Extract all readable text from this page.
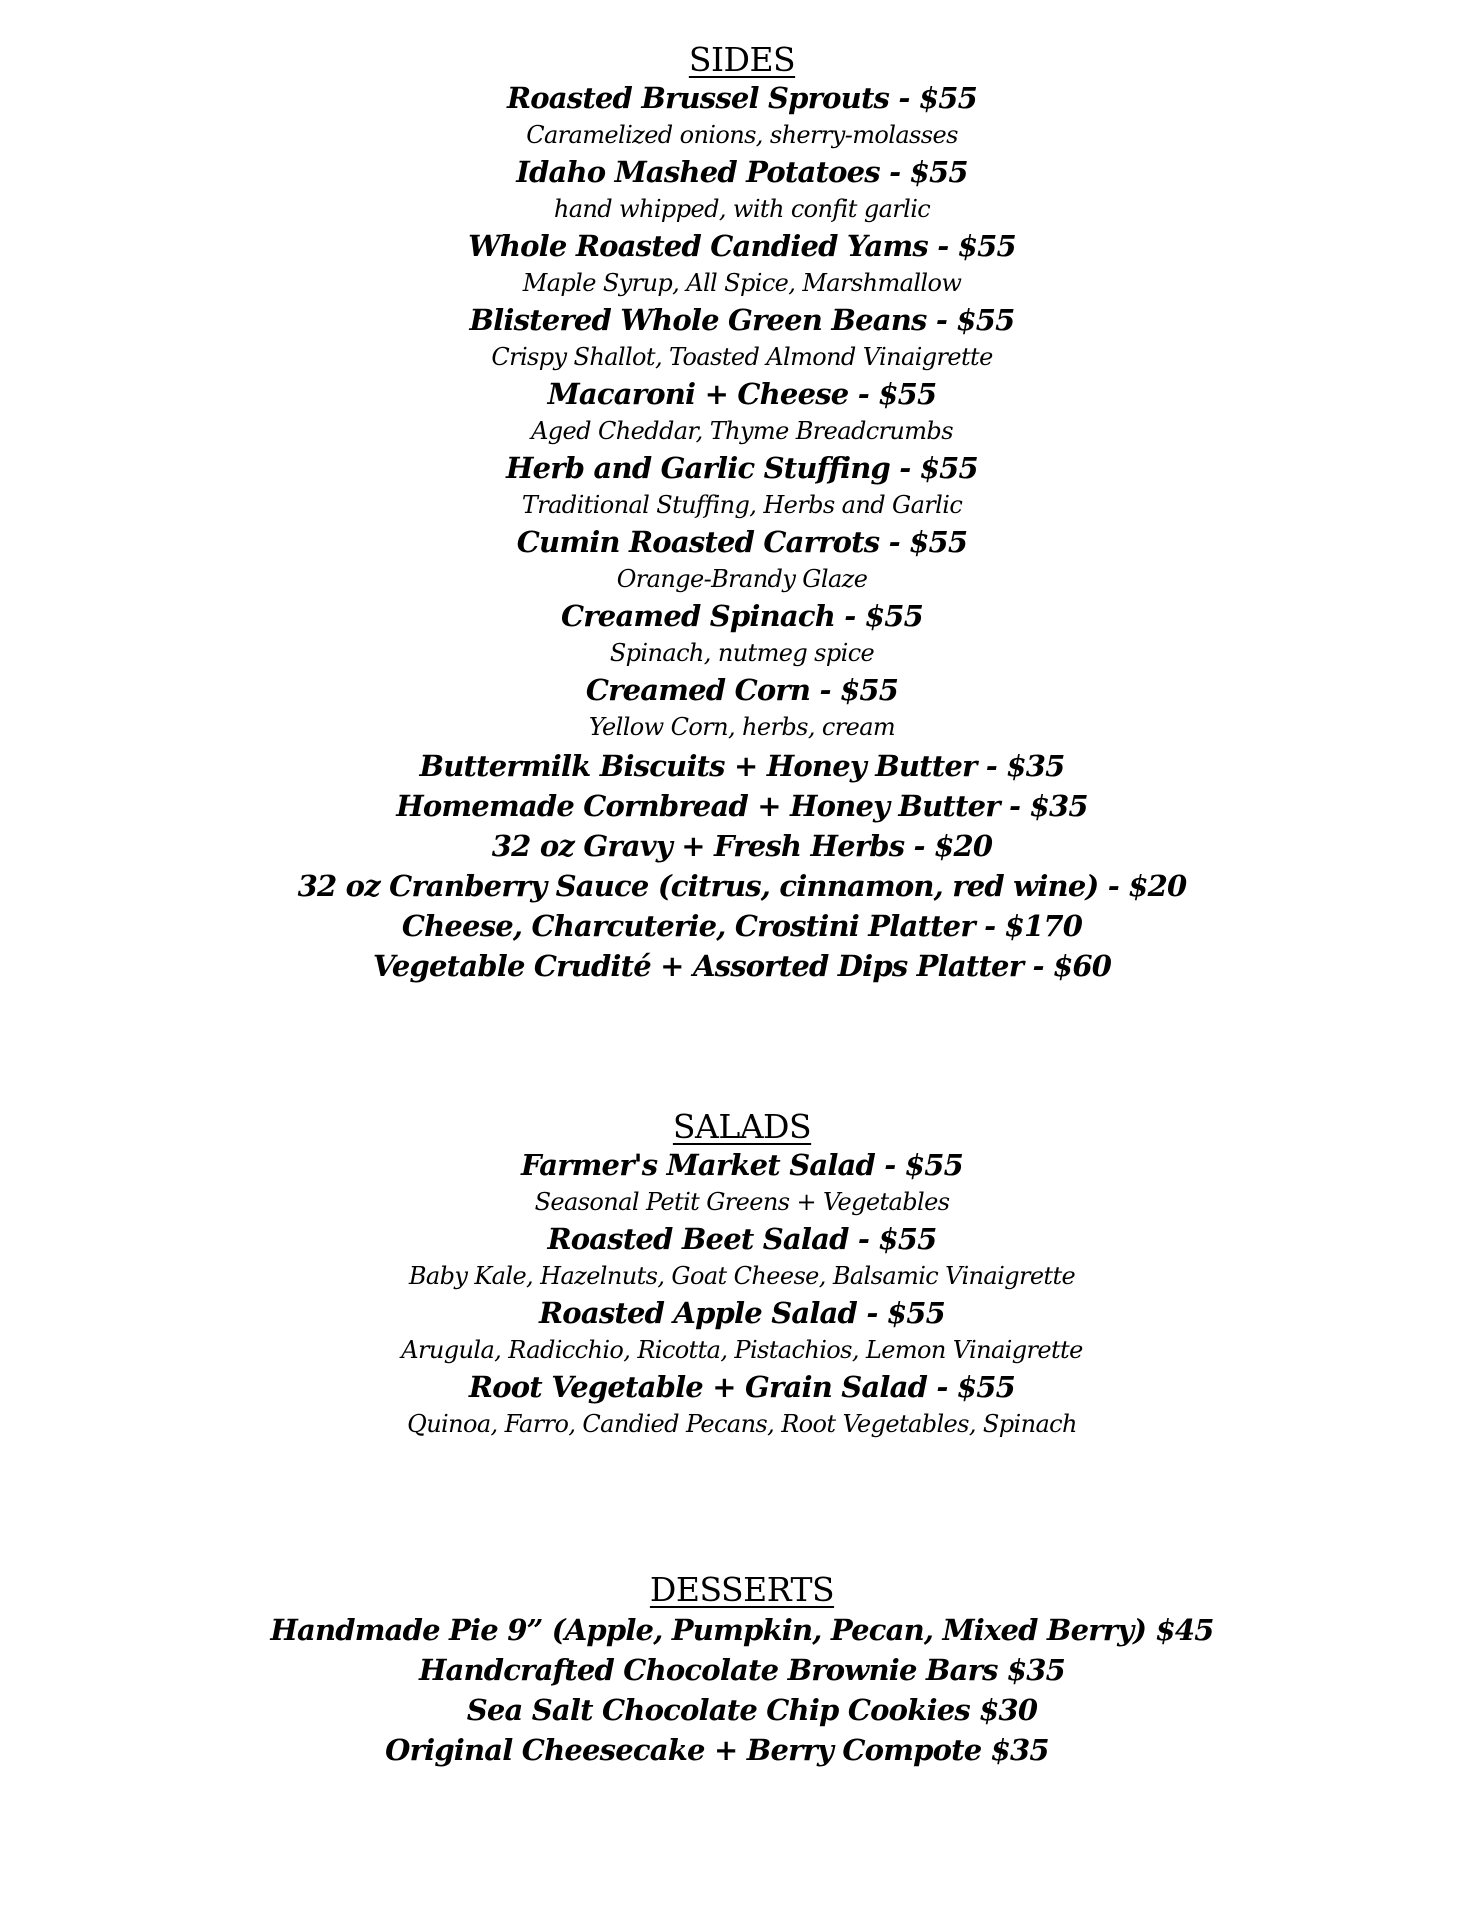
SIDES
Roasted Brussel Sprouts - $55
Caramelized onions, sherry-molasses
Idaho Mashed Potatoes - $55
hand whipped, with confit garlic
Whole Roasted Candied Yams - $55
Maple Syrup, All Spice, Marshmallow
Blistered Whole Green Beans - $55
Crispy Shallot, Toasted Almond Vinaigrette
Macaroni + Cheese - $55
Aged Cheddar, Thyme Breadcrumbs
Herb and Garlic Stuffing - $55
Traditional Stuffing, Herbs and Garlic
Cumin Roasted Carrots - $55
Orange-Brandy Glaze
Creamed Spinach - $55
Spinach, nutmeg spice
Creamed Corn - $55
Yellow Corn, herbs, cream
Buttermilk Biscuits + Honey Butter - $35
Homemade Cornbread + Honey Butter - $35
32 oz Gravy + Fresh Herbs - $20
32 oz Cranberry Sauce (citrus, cinnamon, red wine) - $20
Cheese, Charcuterie, Crostini Platter - $170
Vegetable Crudité + Assorted Dips Platter - $60
SALADS
Farmer's Market Salad - $55
Seasonal Petit Greens + Vegetables
Roasted Beet Salad - $55
Baby Kale, Hazelnuts, Goat Cheese, Balsamic Vinaigrette
Roasted Apple Salad - $55
Arugula, Radicchio, Ricotta, Pistachios, Lemon Vinaigrette
Root Vegetable + Grain Salad - $55
Quinoa, Farro, Candied Pecans, Root Vegetables, Spinach
DESSERTS
Handmade Pie 9” (Apple, Pumpkin, Pecan, Mixed Berry) $45
Handcrafted Chocolate Brownie Bars $35
Sea Salt Chocolate Chip Cookies $30
Original Cheesecake + Berry Compote $35
